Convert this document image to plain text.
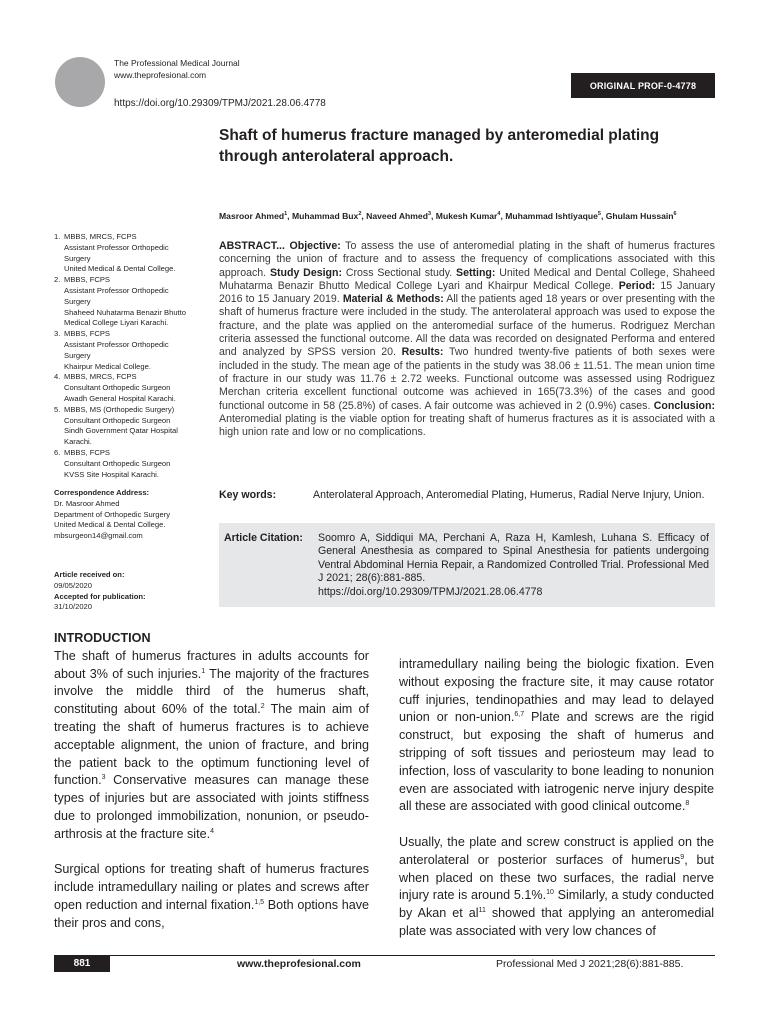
The Professional Medical Journal
www.theprofesional.com
https://doi.org/10.29309/TPMJ/2021.28.06.4778
ORIGINAL PROF-0-4778
Shaft of humerus fracture managed by anteromedial plating
through anterolateral approach.
Masroor Ahmed$^1$, Muhammad Bux$^2$, Naveed Ahmed$^3$, Mukesh Kumar$^4$, Muhammad Ishtiyaque$^5$, Ghulam Hussain$^6$
ABSTRACT... Objective: To assess the use of anteromedial plating in the shaft of humerus fractures concerning the union of fracture and to assess the frequency of complications associated with this approach. Study Design: Cross Sectional study. Setting: United Medical and Dental College, Shaheed Muhatarma Benazir Bhutto Medical College Lyari and Khairpur Medical College. Period: 15 January 2016 to 15 January 2019. Material & Methods: All the patients aged 18 years or over presenting with the shaft of humerus fracture were included in the study. The anterolateral approach was used to expose the fracture, and the plate was applied on the anteromedial surface of the humerus. Rodriguez Merchan criteria assessed the functional outcome. All the data was recorded on designated Performa and entered and analyzed by SPSS version 20. Results: Two hundred twenty-five patients of both sexes were included in the study. The mean age of the patients in the study was 38.06 ± 11.51. The mean union time of fracture in our study was 11.76 ± 2.72 weeks. Functional outcome was assessed using Rodriguez Merchan criteria excellent functional outcome was achieved in 165(73.3%) of the cases and good functional outcome in 58 (25.8%) of cases. A fair outcome was achieved in 2 (0.9%) cases. Conclusion: Anteromedial plating is the viable option for treating shaft of humerus fractures as it is associated with a high union rate and low or no complications.
Key words:	Anterolateral Approach, Anteromedial Plating, Humerus, Radial Nerve Injury, Union.
Article Citation:	Soomro A, Siddiqui MA, Perchani A, Raza H, Kamlesh, Luhana S. Efficacy of General Anesthesia as compared to Spinal Anesthesia for patients undergoing Ventral Abdominal Hernia Repair, a Randomized Controlled Trial. Professional Med J 2021; 28(6):881-885.
https://doi.org/10.29309/TPMJ/2021.28.06.4778
1. MBBS, MRCS, FCPS
Assistant Professor Orthopedic
Surgery
United Medical & Dental College.
2. MBBS, FCPS
Assistant Professor Orthopedic
Surgery
Shaheed Nuhatarma Benazir Bhutto
Medical College Liyari Karachi.
3. MBBS, FCPS
Assistant Professor Orthopedic
Surgery
Khairpur Medical College.
4. MBBS, MRCS, FCPS
Consultant Orthopedic Surgeon
Awadh General Hospital Karachi.
5. MBBS, MS (Orthopedic Surgery)
Consultant Orthopedic Surgeon
Sindh Government Qatar Hospital
Karachi.
6. MBBS, FCPS
Consultant Orthopedic Surgeon
KVSS Site Hospital Karachi.
Correspondence Address:
Dr. Masroor Ahmed
Department of Orthopedic Surgery
United Medical & Dental College.
mbsurgeon14@gmail.com
Article received on:
09/05/2020
Accepted for publication:
31/10/2020
INTRODUCTION

The shaft of humerus fractures in adults accounts for about 3% of such injuries.$^1$ The majority of the fractures involve the middle third of the humerus shaft, constituting about 60% of the total.$^2$ The main aim of treating the shaft of humerus fractures is to achieve acceptable alignment, the union of fracture, and bring the patient back to the optimum functioning level of function.$^3$ Conservative measures can manage these types of injuries but are associated with joints stiffness due to prolonged immobilization, nonunion, or pseudo-arthrosis at the fracture site.$^4$

Surgical options for treating shaft of humerus fractures include intramedullary nailing or plates and screws after open reduction and internal fixation.$^{1,5}$ Both options have their pros and cons,

intramedullary nailing being the biologic fixation. Even without exposing the fracture site, it may cause rotator cuff injuries, tendinopathies and may lead to delayed union or non-union.$^{6,7}$ Plate and screws are the rigid construct, but exposing the shaft of humerus and stripping of soft tissues and periosteum may lead to infection, loss of vascularity to bone leading to nonunion even are associated with iatrogenic nerve injury despite all these are associated with good clinical outcome.$^8$

Usually, the plate and screw construct is applied on the anterolateral or posterior surfaces of humerus$^9$, but when placed on these two surfaces, the radial nerve injury rate is around 5.1%.$^{10}$ Similarly, a study conducted by Akan et $al^{11}$ showed that applying an anteromedial plate was associated with very low chances of

881	www.theprofesional.com	Professional Med J 2021;28(6):881-885.
